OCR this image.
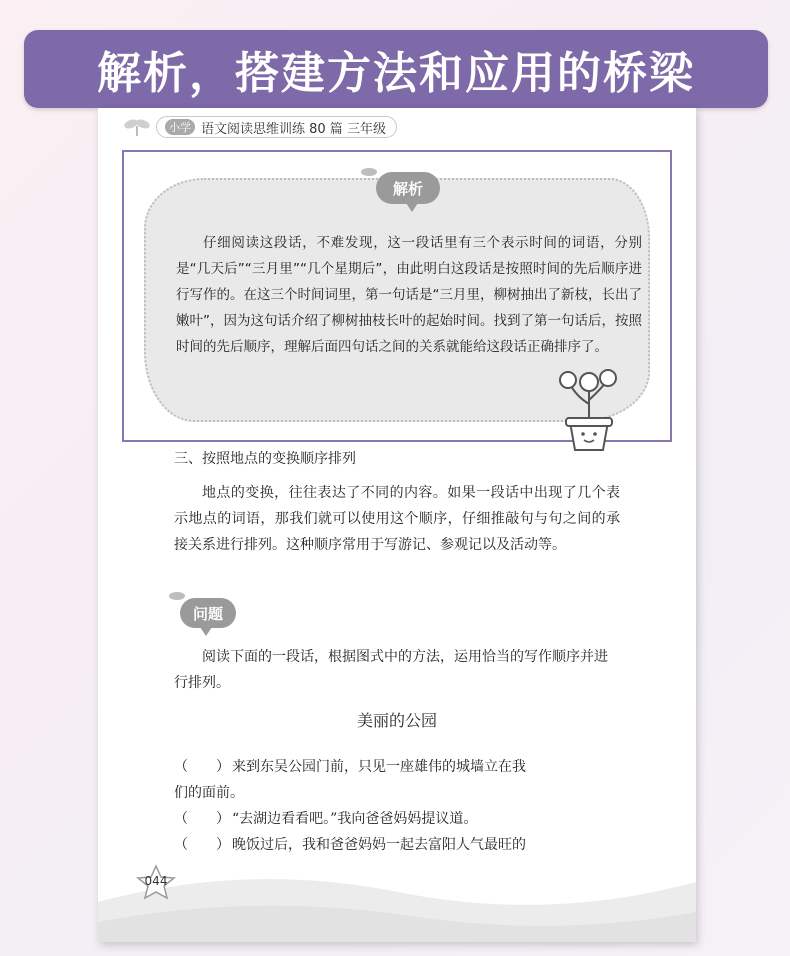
解析，搭建方法和应用的桥梁
小学 语文阅读思维训练 80 篇 三年级
解析
仔细阅读这段话，不难发现，这一段话里有三个表示时间的词语，分别是“几天后”“三月里”“几个星期后”，由此明白这段话是按照时间的先后顺序进行写作的。在这三个时间词里，第一句话是“三月里，柳树抽出了新枝，长出了嫩叶”，因为这句话介绍了柳树抽枝长叶的起始时间。找到了第一句话后，按照时间的先后顺序，理解后面四句话之间的关系就能给这段话正确排序了。
三、按照地点的变换顺序排列
地点的变换，往往表达了不同的内容。如果一段话中出现了几个表示地点的词语，那我们就可以使用这个顺序，仔细推敲句与句之间的承接关系进行排列。这种顺序常用于写游记、参观记以及活动等。
问题
阅读下面的一段话，根据图式中的方法，运用恰当的写作顺序并进行排列。
美丽的公园
（　　） 来到东吴公园门前，只见一座雄伟的城墙立在我
们的面前。
（　　） “去湖边看看吧。”我向爸爸妈妈提议道。
（　　） 晚饭过后，我和爸爸妈妈一起去富阳人气最旺的
044
